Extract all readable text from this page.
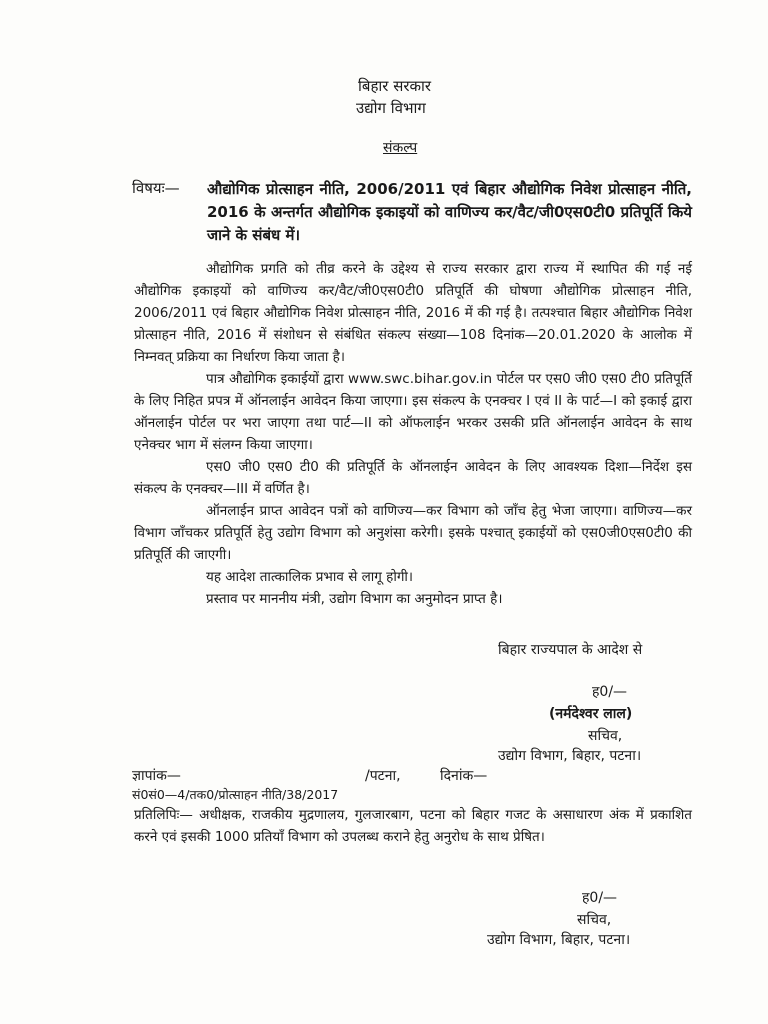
बिहार सरकार
उद्योग विभाग
संकल्प
विषयः— औद्योगिक प्रोत्साहन नीति, 2006/2011 एवं बिहार औद्योगिक निवेश प्रोत्साहन नीति, 2016 के अन्तर्गत औद्योगिक इकाइयों को वाणिज्य कर/वैट/जी0एस0टी0 प्रतिपूर्ति किये जाने के संबंध में।

औद्योगिक प्रगति को तीव्र करने के उद्देश्य से राज्य सरकार द्वारा राज्य में स्थापित की गई नई औद्योगिक इकाइयों को वाणिज्य कर/वैट/जी0एस0टी0 प्रतिपूर्ति की घोषणा औद्योगिक प्रोत्साहन नीति, 2006/2011 एवं बिहार औद्योगिक निवेश प्रोत्साहन नीति, 2016 में की गई है। तत्पश्चात बिहार औद्योगिक निवेश प्रोत्साहन नीति, 2016 में संशोधन से संबंधित संकल्प संख्या—108 दिनांक—20.01.2020 के आलोक में निम्नवत् प्रक्रिया का निर्धारण किया जाता है।

पात्र औद्योगिक इकाईयों द्वारा www.swc.bihar.gov.in पोर्टल पर एस0 जी0 एस0 टी0 प्रतिपूर्ति के लिए निहित प्रपत्र में ऑनलाईन आवेदन किया जाएगा। इस संकल्प के एनक्चर I एवं II के पार्ट—I को इकाई द्वारा ऑनलाईन पोर्टल पर भरा जाएगा तथा पार्ट—II को ऑफलाईन भरकर उसकी प्रति ऑनलाईन आवेदन के साथ एनेक्चर भाग में संलग्न किया जाएगा।

एस0 जी0 एस0 टी0 की प्रतिपूर्ति के ऑनलाईन आवेदन के लिए आवश्यक दिशा—निर्देश इस संकल्प के एनक्चर—III में वर्णित है।

ऑनलाईन प्राप्त आवेदन पत्रों को वाणिज्य—कर विभाग को जाँच हेतु भेजा जाएगा। वाणिज्य—कर विभाग जाँचकर प्रतिपूर्ति हेतु उद्योग विभाग को अनुशंसा करेगी। इसके पश्चात् इकाईयों को एस0जी0एस0टी0 की प्रतिपूर्ति की जाएगी।

यह आदेश तात्कालिक प्रभाव से लागू होगी।

प्रस्ताव पर माननीय मंत्री, उद्योग विभाग का अनुमोदन प्राप्त है।

बिहार राज्यपाल के आदेश से
ह0/—
(नर्मदेश्वर लाल)
सचिव,
उद्योग विभाग, बिहार, पटना।
ज्ञापांक—	/पटना,	दिनांक—
सं0सं0—4/तक0/प्रोत्साहन नीति/38/2017

प्रतिलिपिः— अधीक्षक, राजकीय मुद्रणालय, गुलजारबाग, पटना को बिहार गजट के असाधारण अंक में प्रकाशित करने एवं इसकी 1000 प्रतियाँ विभाग को उपलब्ध कराने हेतु अनुरोध के साथ प्रेषित।

ह0/—
सचिव,
उद्योग विभाग, बिहार, पटना।
